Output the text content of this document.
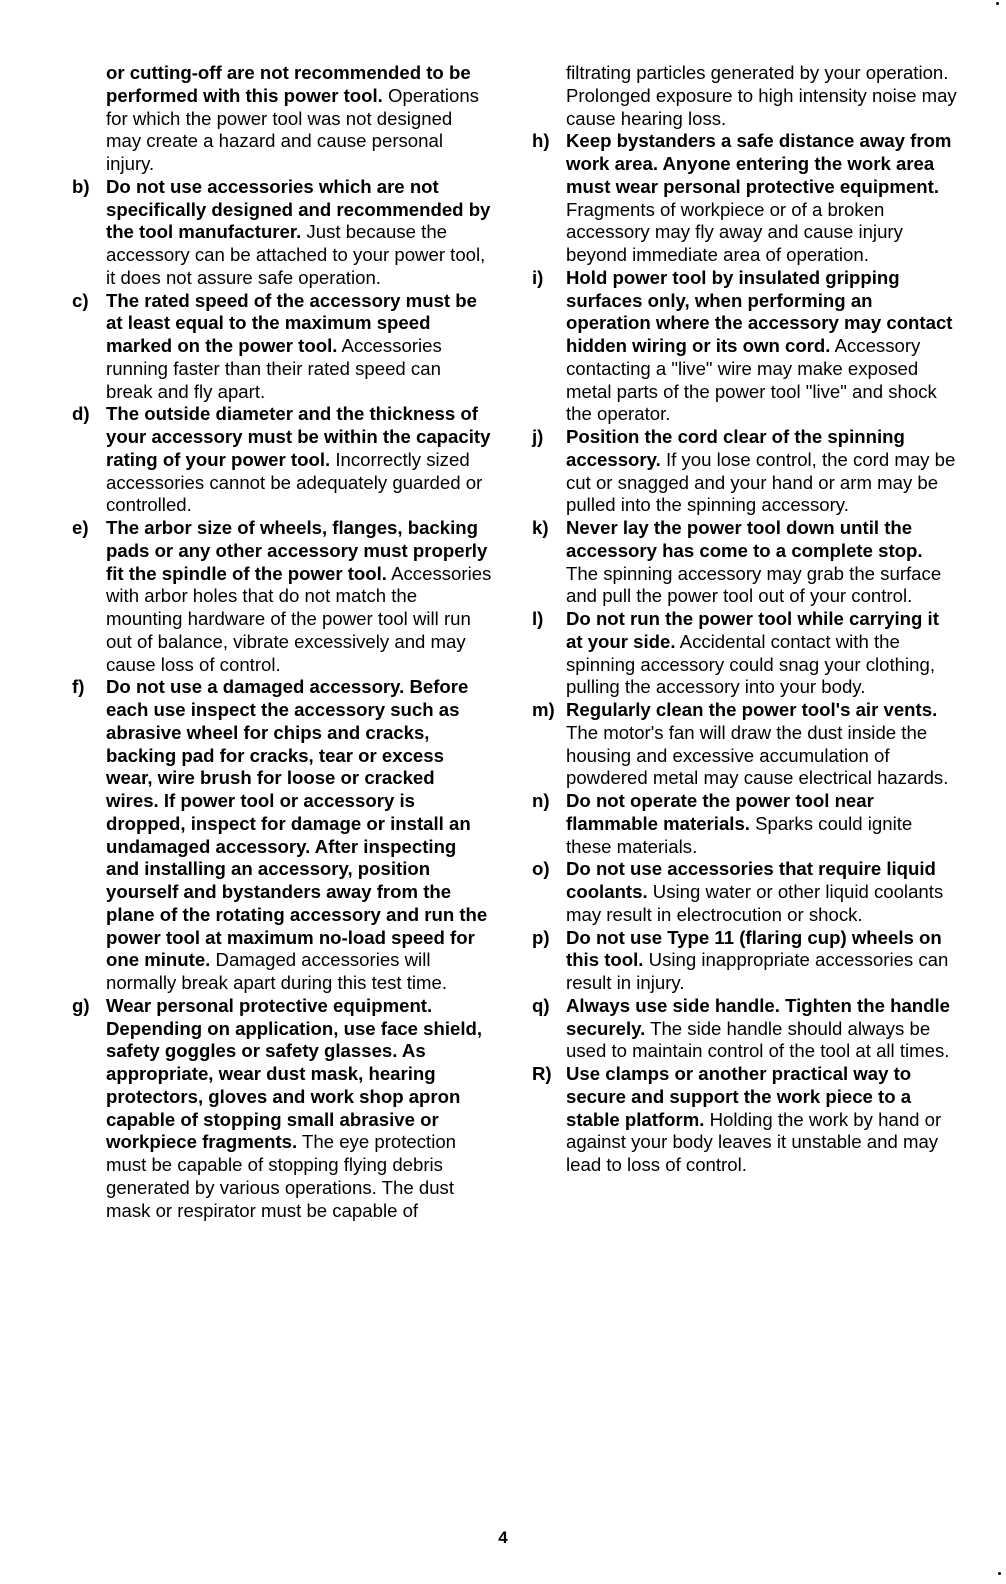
or cutting-off are not recommended to be performed with this power tool. Operations for which the power tool was not designed may create a hazard and cause personal injury.

b) Do not use accessories which are not specifically designed and recommended by the tool manufacturer. Just because the accessory can be attached to your power tool, it does not assure safe operation.

c) The rated speed of the accessory must be at least equal to the maximum speed marked on the power tool. Accessories running faster than their rated speed can break and fly apart.

d) The outside diameter and the thickness of your accessory must be within the capacity rating of your power tool. Incorrectly sized accessories cannot be adequately guarded or controlled.

e) The arbor size of wheels, flanges, backing pads or any other accessory must properly fit the spindle of the power tool. Accessories with arbor holes that do not match the mounting hardware of the power tool will run out of balance, vibrate excessively and may cause loss of control.

f) Do not use a damaged accessory. Before each use inspect the accessory such as abrasive wheel for chips and cracks, backing pad for cracks, tear or excess wear, wire brush for loose or cracked wires. If power tool or accessory is dropped, inspect for damage or install an undamaged accessory. After inspecting and installing an accessory, position yourself and bystanders away from the plane of the rotating accessory and run the power tool at maximum no-load speed for one minute. Damaged accessories will normally break apart during this test time.

g) Wear personal protective equipment. Depending on application, use face shield, safety goggles or safety glasses. As appropriate, wear dust mask, hearing protectors, gloves and work shop apron capable of stopping small abrasive or workpiece fragments. The eye protection must be capable of stopping flying debris generated by various operations. The dust mask or respirator must be capable of

filtrating particles generated by your operation. Prolonged exposure to high intensity noise may cause hearing loss.

h) Keep bystanders a safe distance away from work area. Anyone entering the work area must wear personal protective equipment. Fragments of workpiece or of a broken accessory may fly away and cause injury beyond immediate area of operation.

i) Hold power tool by insulated gripping surfaces only, when performing an operation where the accessory may contact hidden wiring or its own cord. Accessory contacting a "live" wire may make exposed metal parts of the power tool "live" and shock the operator.

j) Position the cord clear of the spinning accessory. If you lose control, the cord may be cut or snagged and your hand or arm may be pulled into the spinning accessory.

k) Never lay the power tool down until the accessory has come to a complete stop. The spinning accessory may grab the surface and pull the power tool out of your control.

l) Do not run the power tool while carrying it at your side. Accidental contact with the spinning accessory could snag your clothing, pulling the accessory into your body.

m) Regularly clean the power tool's air vents. The motor's fan will draw the dust inside the housing and excessive accumulation of powdered metal may cause electrical hazards.

n) Do not operate the power tool near flammable materials. Sparks could ignite these materials.

o) Do not use accessories that require liquid coolants. Using water or other liquid coolants may result in electrocution or shock.

p) Do not use Type 11 (flaring cup) wheels on this tool. Using inappropriate accessories can result in injury.

q) Always use side handle. Tighten the handle securely. The side handle should always be used to maintain control of the tool at all times.

R) Use clamps or another practical way to secure and support the work piece to a stable platform. Holding the work by hand or against your body leaves it unstable and may lead to loss of control.

4
